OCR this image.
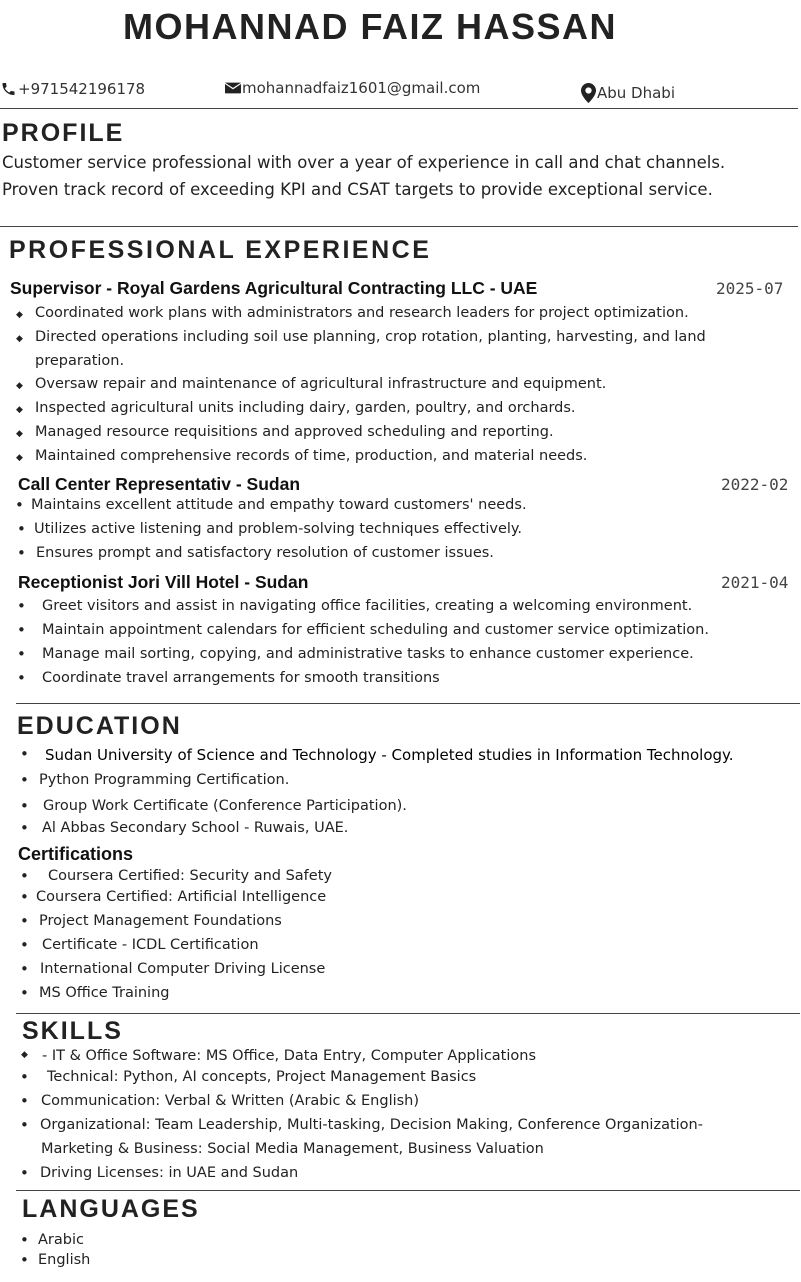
MOHANNAD FAIZ HASSAN
+971542196178	mohannadfaiz1601@gmail.com	Abu Dhabi
PROFILE
Customer service professional with over a year of experience in call and chat channels.
Proven track record of exceeding KPI and CSAT targets to provide exceptional service.
PROFESSIONAL EXPERIENCE
Supervisor - Royal Gardens Agricultural Contracting LLC - UAE	2025-07
◆ Coordinated work plans with administrators and research leaders for project optimization.
◆ Directed operations including soil use planning, crop rotation, planting, harvesting, and land
preparation.
◆ Oversaw repair and maintenance of agricultural infrastructure and equipment.
◆ Inspected agricultural units including dairy, garden, poultry, and orchards.
◆ Managed resource requisitions and approved scheduling and reporting.
◆ Maintained comprehensive records of time, production, and material needs.
Call Center Representativ - Sudan	2022-02
• Maintains excellent attitude and empathy toward customers' needs.
• Utilizes active listening and problem-solving techniques effectively.
• Ensures prompt and satisfactory resolution of customer issues.
Receptionist Jori Vill Hotel - Sudan	2021-04
• Greet visitors and assist in navigating office facilities, creating a welcoming environment.
• Maintain appointment calendars for efficient scheduling and customer service optimization.
• Manage mail sorting, copying, and administrative tasks to enhance customer experience.
• Coordinate travel arrangements for smooth transitions
EDUCATION
• Sudan University of Science and Technology - Completed studies in Information Technology.
• Python Programming Certification.
• Group Work Certificate (Conference Participation).
• Al Abbas Secondary School - Ruwais, UAE.
Certifications
• Coursera Certified: Security and Safety
• Coursera Certified: Artificial Intelligence
• Project Management Foundations
• Certificate - ICDL Certification
• International Computer Driving License
• MS Office Training
SKILLS
◆ - IT & Office Software: MS Office, Data Entry, Computer Applications
• Technical: Python, AI concepts, Project Management Basics
• Communication: Verbal & Written (Arabic & English)
• Organizational: Team Leadership, Multi-tasking, Decision Making, Conference Organization-
Marketing & Business: Social Media Management, Business Valuation
• Driving Licenses: in UAE and Sudan
LANGUAGES
• Arabic
• English
